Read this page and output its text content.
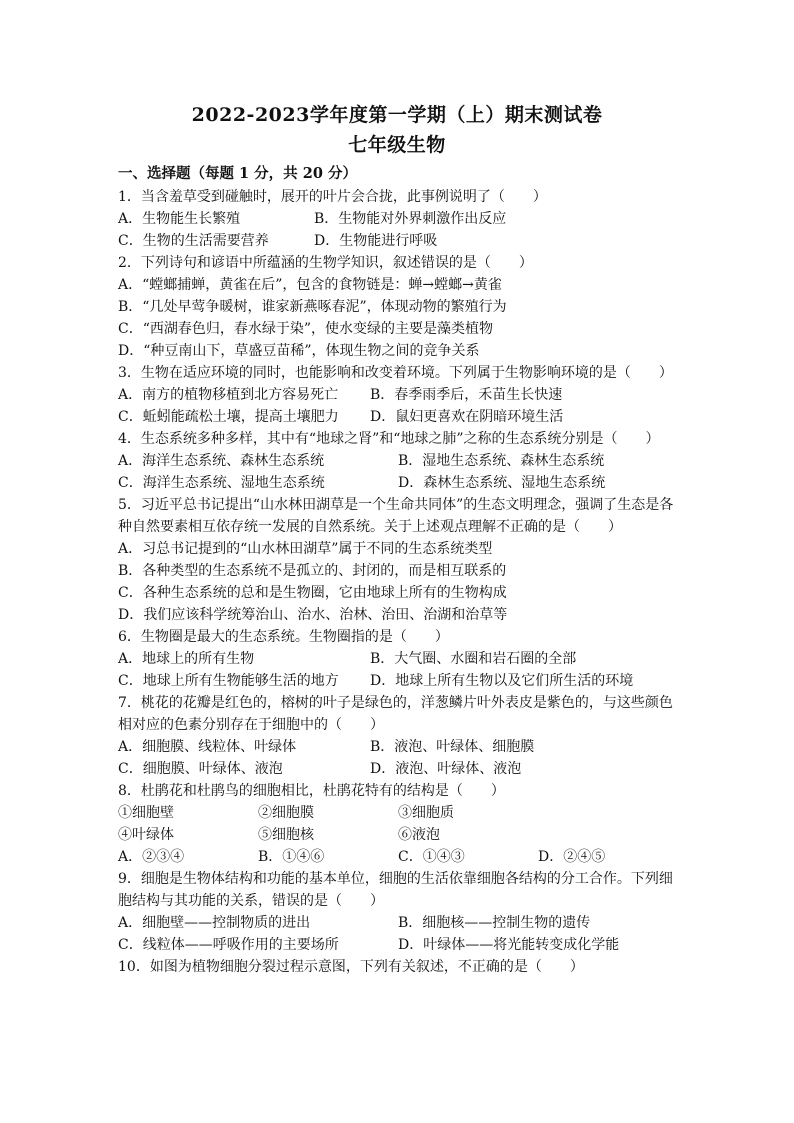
2022-2023学年度第一学期（上）期末测试卷
七年级生物
一、选择题（每题 1 分，共 20 分）
1．当含羞草受到碰触时，展开的叶片会合拢，此事例说明了（　　）
A．生物能生长繁殖	B．生物能对外界刺激作出反应
C．生物的生活需要营养	D．生物能进行呼吸
2．下列诗句和谚语中所蕴涵的生物学知识，叙述错误的是（　　）
A．“螳螂捕蝉，黄雀在后”，包含的食物链是：蝉→螳螂→黄雀
B．“几处早莺争暖树，谁家新燕啄春泥”，体现动物的繁殖行为
C．“西湖春色归，春水绿于染”，使水变绿的主要是藻类植物
D．“种豆南山下，草盛豆苗稀”，体现生物之间的竞争关系
3．生物在适应环境的同时，也能影响和改变着环境。下列属于生物影响环境的是（　　）
A．南方的植物移植到北方容易死亡 B．春季雨季后，禾苗生长快速
C．蚯蚓能疏松土壤，提高土壤肥力 D．鼠妇更喜欢在阴暗环境生活
4．生态系统多种多样，其中有“地球之肾”和“地球之肺”之称的生态系统分别是（　　）
A．海洋生态系统、森林生态系统	B．湿地生态系统、森林生态系统
C．海洋生态系统、湿地生态系统	D．森林生态系统、湿地生态系统
5．习近平总书记提出“山水林田湖草是一个生命共同体”的生态文明理念，强调了生态是各
种自然要素相互依存统一发展的自然系统。关于上述观点理解不正确的是（　　）
A．习总书记提到的“山水林田湖草”属于不同的生态系统类型
B．各种类型的生态系统不是孤立的、封闭的，而是相互联系的
C．各种生态系统的总和是生物圈，它由地球上所有的生物构成
D．我们应该科学统筹治山、治水、治林、治田、治湖和治草等
6．生物圈是最大的生态系统。生物圈指的是（　　）
A．地球上的所有生物	B．大气圈、水圈和岩石圈的全部
C．地球上所有生物能够生活的地方 D．地球上所有生物以及它们所生活的环境
7．桃花的花瓣是红色的，榕树的叶子是绿色的，洋葱鳞片叶外表皮是紫色的，与这些颜色
相对应的色素分别存在于细胞中的（　　）
A．细胞膜、线粒体、叶绿体	B．液泡、叶绿体、细胞膜
C．细胞膜、叶绿体、液泡	D．液泡、叶绿体、液泡
8．杜鹃花和杜鹃鸟的细胞相比，杜鹃花特有的结构是（　　）
①细胞壁	②细胞膜	③细胞质
④叶绿体	⑤细胞核	⑥液泡
A．②③④	B．①④⑥	C．①④③	D．②④⑤
9．细胞是生物体结构和功能的基本单位，细胞的生活依靠细胞各结构的分工合作。下列细
胞结构与其功能的关系，错误的是（　　）
A．细胞壁——控制物质的进出	B．细胞核——控制生物的遗传
C．线粒体——呼吸作用的主要场所	D．叶绿体——将光能转变成化学能
10．如图为植物细胞分裂过程示意图，下列有关叙述，不正确的是（　　）
